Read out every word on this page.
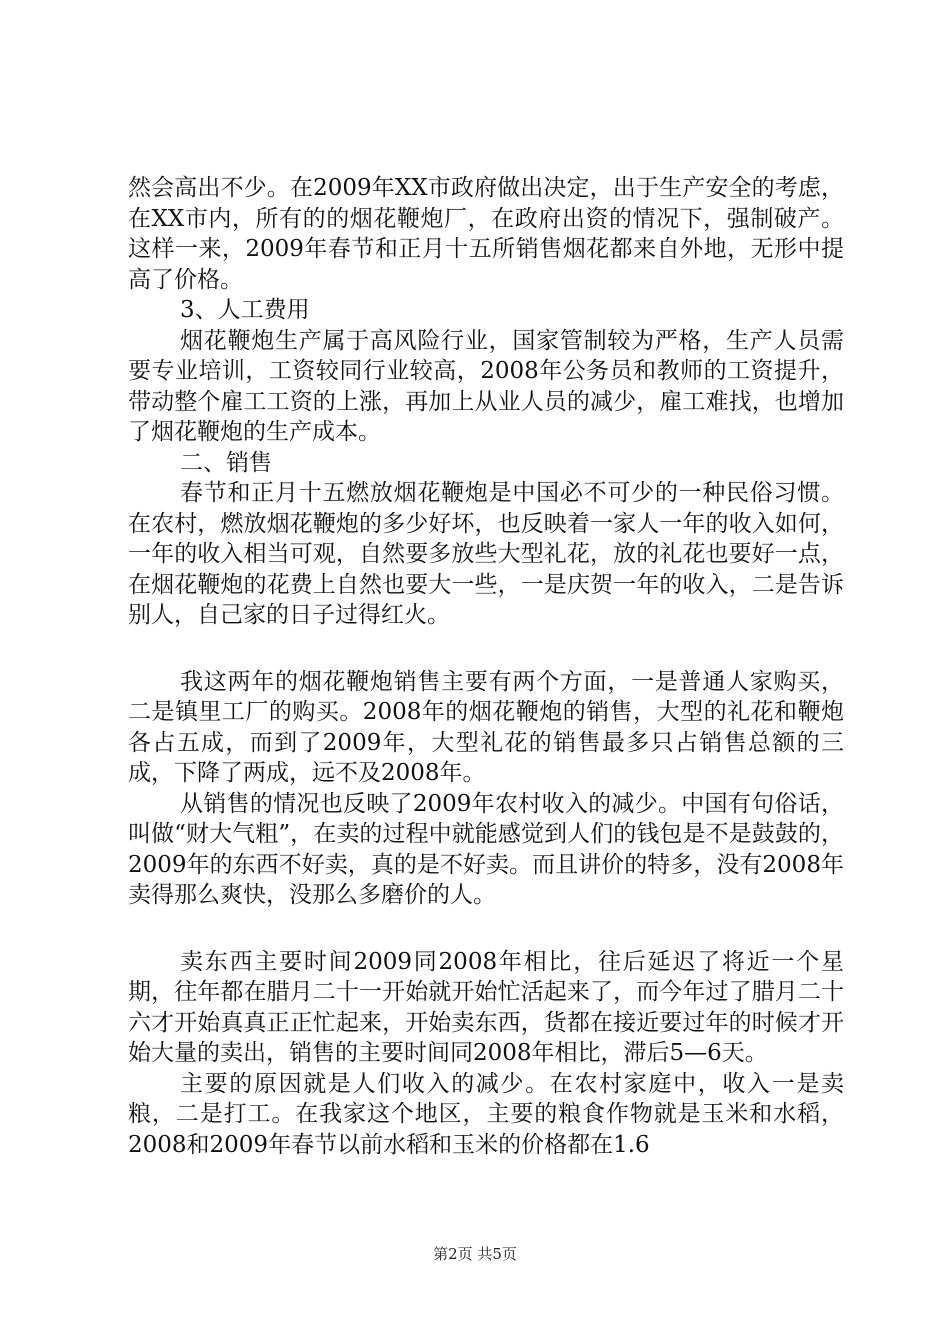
然会高出不少。在2009年XX市政府做出决定，出于生产安全的考虑，在XX市内，所有的的烟花鞭炮厂，在政府出资的情况下，强制破产。这样一来，2009年春节和正月十五所销售烟花都来自外地，无形中提高了价格。

3、人工费用

烟花鞭炮生产属于高风险行业，国家管制较为严格，生产人员需要专业培训，工资较同行业较高，2008年公务员和教师的工资提升，带动整个雇工工资的上涨，再加上从业人员的减少，雇工难找，也增加了烟花鞭炮的生产成本。

二、销售

春节和正月十五燃放烟花鞭炮是中国必不可少的一种民俗习惯。在农村，燃放烟花鞭炮的多少好坏，也反映着一家人一年的收入如何，一年的收入相当可观，自然要多放些大型礼花，放的礼花也要好一点，在烟花鞭炮的花费上自然也要大一些，一是庆贺一年的收入，二是告诉别人，自己家的日子过得红火。

我这两年的烟花鞭炮销售主要有两个方面，一是普通人家购买，二是镇里工厂的购买。2008年的烟花鞭炮的销售，大型的礼花和鞭炮各占五成，而到了2009年，大型礼花的销售最多只占销售总额的三成，下降了两成，远不及2008年。

从销售的情况也反映了2009年农村收入的减少。中国有句俗话，叫做“财大气粗”，在卖的过程中就能感觉到人们的钱包是不是鼓鼓的，2009年的东西不好卖，真的是不好卖。而且讲价的特多，没有2008年卖得那么爽快，没那么多磨价的人。

卖东西主要时间2009同2008年相比，往后延迟了将近一个星期，往年都在腊月二十一开始就开始忙活起来了，而今年过了腊月二十六才开始真真正正忙起来，开始卖东西，货都在接近要过年的时候才开始大量的卖出，销售的主要时间同2008年相比，滞后5—6天。

主要的原因就是人们收入的减少。在农村家庭中，收入一是卖粮，二是打工。在我家这个地区，主要的粮食作物就是玉米和水稻，2008和2009年春节以前水稻和玉米的价格都在1.6

第2页 共5页
